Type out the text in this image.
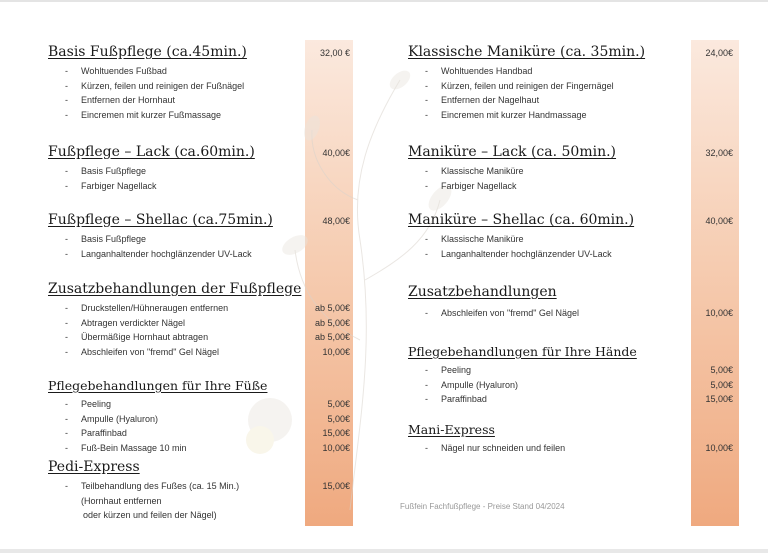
Basis Fußpflege (ca.45min.)	32,00 €
- Wohltuendes Fußbad
- Kürzen, feilen und reinigen der Fußnägel
- Entfernen der Hornhaut
- Eincremen mit kurzer Fußmassage
Fußpflege – Lack (ca.60min.)	40,00€
- Basis Fußpflege
- Farbiger Nagellack
Fußpflege – Shellac (ca.75min.)	48,00€
- Basis Fußpflege
- Langanhaltender hochglänzender UV-Lack
Zusatzbehandlungen der Fußpflege
- Druckstellen/Hühneraugen entfernen	ab 5,00€
- Abtragen verdickter Nägel	ab 5,00€
- Übermäßige Hornhaut abtragen	ab 5,00€
- Abschleifen von "fremd" Gel Nägel	10,00€
Pflegebehandlungen für Ihre Füße
- Peeling	5,00€
- Ampulle (Hyaluron)	5,00€
- Paraffinbad	15,00€
- Fuß-Bein Massage 10 min	10,00€
Pedi-Express
- Teilbehandlung des Fußes (ca. 15 Min.)	15,00€
(Hornhaut entfernen
oder kürzen und feilen der Nägel)
Klassische Maniküre (ca. 35min.)	24,00€
- Wohltuendes Handbad
- Kürzen, feilen und reinigen der Fingernägel
- Entfernen der Nagelhaut
- Eincremen mit kurzer Handmassage
Maniküre – Lack (ca. 50min.)	32,00€
- Klassische Maniküre
- Farbiger Nagellack
Maniküre – Shellac (ca. 60min.)	40,00€
- Klassische Maniküre
- Langanhaltender hochglänzender UV-Lack
Zusatzbehandlungen
- Abschleifen von "fremd" Gel Nägel	10,00€
Pflegebehandlungen für Ihre Hände
- Peeling	5,00€
- Ampulle (Hyaluron)	5,00€
- Paraffinbad	15,00€
Mani-Express
- Nägel nur schneiden und feilen	10,00€
Fußfein Fachfußpflege - Preise Stand 04/2024
